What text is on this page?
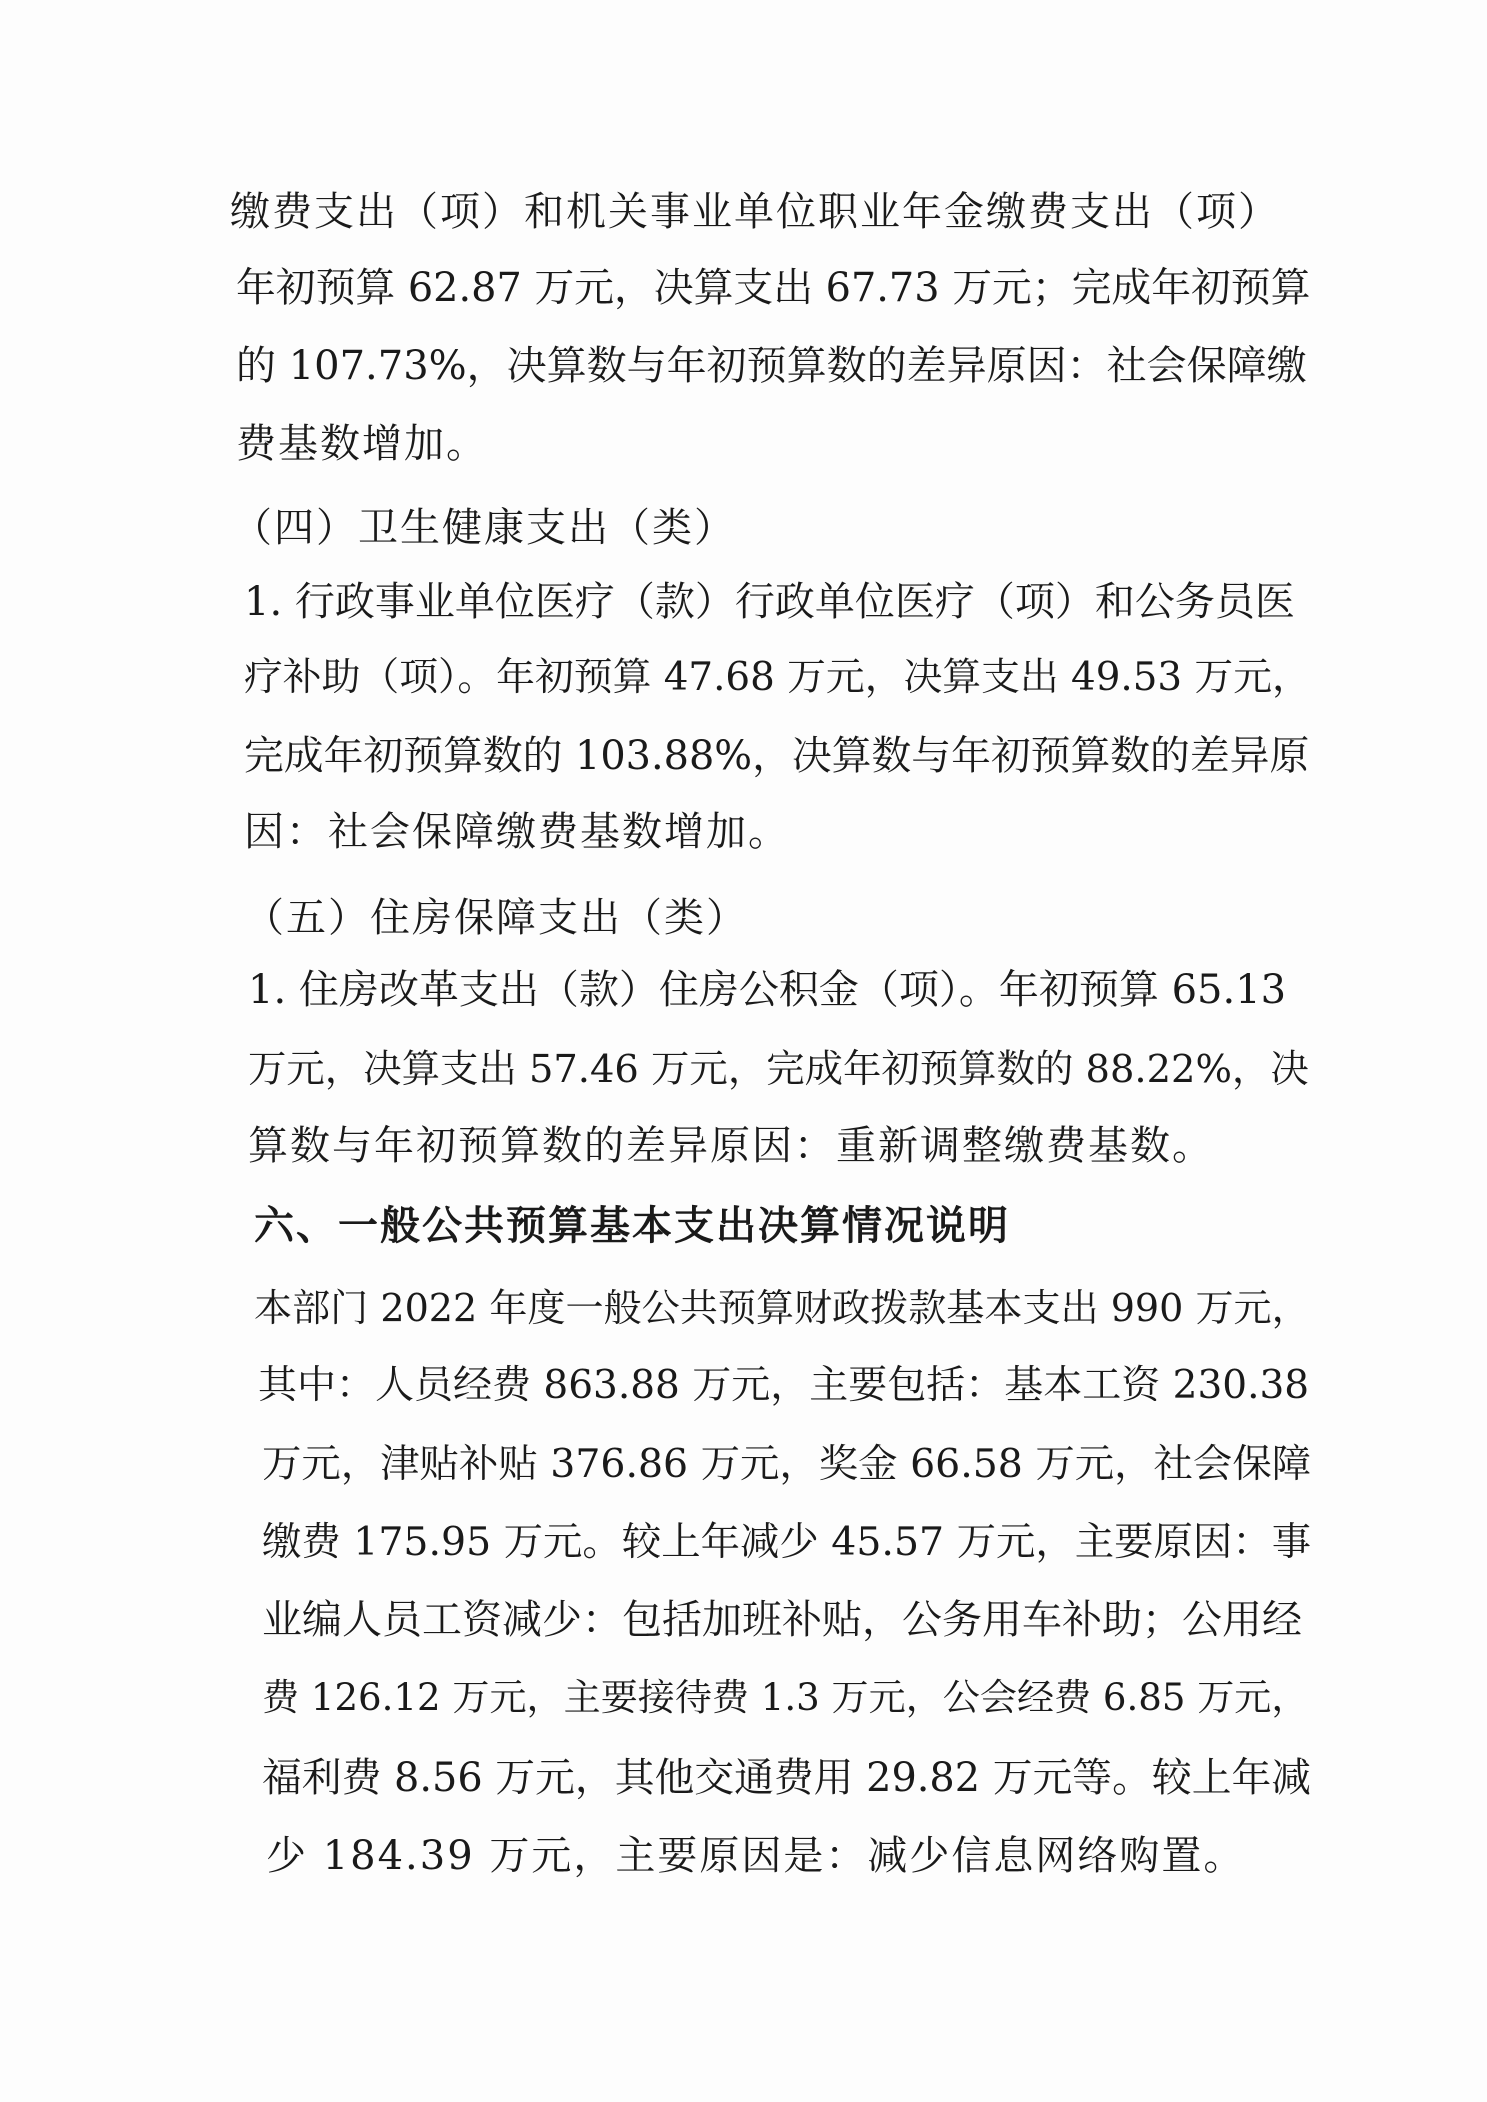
缴费支出（项）和机关事业单位职业年金缴费支出（项）
年初预算 62.87 万元，决算支出 67.73 万元；完成年初预算
的 107.73%，决算数与年初预算数的差异原因：社会保障缴
费基数增加。
（四）卫生健康支出（类）
1. 行政事业单位医疗（款）行政单位医疗（项）和公务员医
疗补助（项）。年初预算 47.68 万元，决算支出 49.53 万元，
完成年初预算数的 103.88%，决算数与年初预算数的差异原
因：社会保障缴费基数增加。
（五）住房保障支出（类）
1. 住房改革支出（款）住房公积金（项）。年初预算 65.13
万元，决算支出 57.46 万元，完成年初预算数的 88.22%，决
算数与年初预算数的差异原因：重新调整缴费基数。
六、一般公共预算基本支出决算情况说明
本部门 2022 年度一般公共预算财政拨款基本支出 990 万元，
其中：人员经费 863.88 万元，主要包括：基本工资 230.38
万元，津贴补贴 376.86 万元，奖金 66.58 万元，社会保障
缴费 175.95 万元。较上年减少 45.57 万元，主要原因：事
业编人员工资减少：包括加班补贴，公务用车补助；公用经
费 126.12 万元，主要接待费 1.3 万元，公会经费 6.85 万元，
福利费 8.56 万元，其他交通费用 29.82 万元等。较上年减
少 184.39 万元，主要原因是：减少信息网络购置。
